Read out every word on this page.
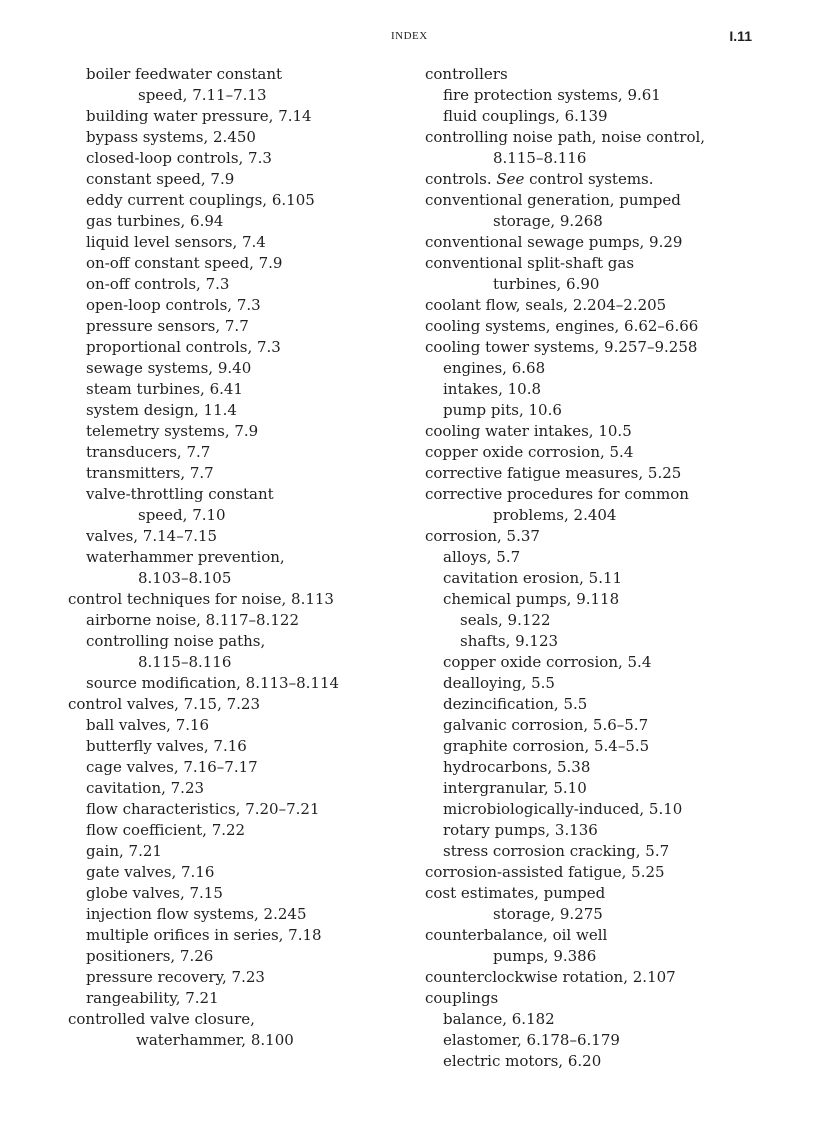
INDEX	I.11
boiler feedwater constant
speed, 7.11–7.13
building water pressure, 7.14
bypass systems, 2.450
closed-loop controls, 7.3
constant speed, 7.9
eddy current couplings, 6.105
gas turbines, 6.94
liquid level sensors, 7.4
on-off constant speed, 7.9
on-off controls, 7.3
open-loop controls, 7.3
pressure sensors, 7.7
proportional controls, 7.3
sewage systems, 9.40
steam turbines, 6.41
system design, 11.4
telemetry systems, 7.9
transducers, 7.7
transmitters, 7.7
valve-throttling constant
speed, 7.10
valves, 7.14–7.15
waterhammer prevention,
8.103–8.105
control techniques for noise, 8.113
airborne noise, 8.117–8.122
controlling noise paths,
8.115–8.116
source modification, 8.113–8.114
control valves, 7.15, 7.23
ball valves, 7.16
butterfly valves, 7.16
cage valves, 7.16–7.17
cavitation, 7.23
flow characteristics, 7.20–7.21
flow coefficient, 7.22
gain, 7.21
gate valves, 7.16
globe valves, 7.15
injection flow systems, 2.245
multiple orifices in series, 7.18
positioners, 7.26
pressure recovery, 7.23
rangeability, 7.21
controlled valve closure,
waterhammer, 8.100
controllers
fire protection systems, 9.61
fluid couplings, 6.139
controlling noise path, noise control,
8.115–8.116
controls. See control systems.
conventional generation, pumped
storage, 9.268
conventional sewage pumps, 9.29
conventional split-shaft gas
turbines, 6.90
coolant flow, seals, 2.204–2.205
cooling systems, engines, 6.62–6.66
cooling tower systems, 9.257–9.258
engines, 6.68
intakes, 10.8
pump pits, 10.6
cooling water intakes, 10.5
copper oxide corrosion, 5.4
corrective fatigue measures, 5.25
corrective procedures for common
problems, 2.404
corrosion, 5.37
alloys, 5.7
cavitation erosion, 5.11
chemical pumps, 9.118
seals, 9.122
shafts, 9.123
copper oxide corrosion, 5.4
dealloying, 5.5
dezincification, 5.5
galvanic corrosion, 5.6–5.7
graphite corrosion, 5.4–5.5
hydrocarbons, 5.38
intergranular, 5.10
microbiologically-induced, 5.10
rotary pumps, 3.136
stress corrosion cracking, 5.7
corrosion-assisted fatigue, 5.25
cost estimates, pumped
storage, 9.275
counterbalance, oil well
pumps, 9.386
counterclockwise rotation, 2.107
couplings
balance, 6.182
elastomer, 6.178–6.179
electric motors, 6.20
